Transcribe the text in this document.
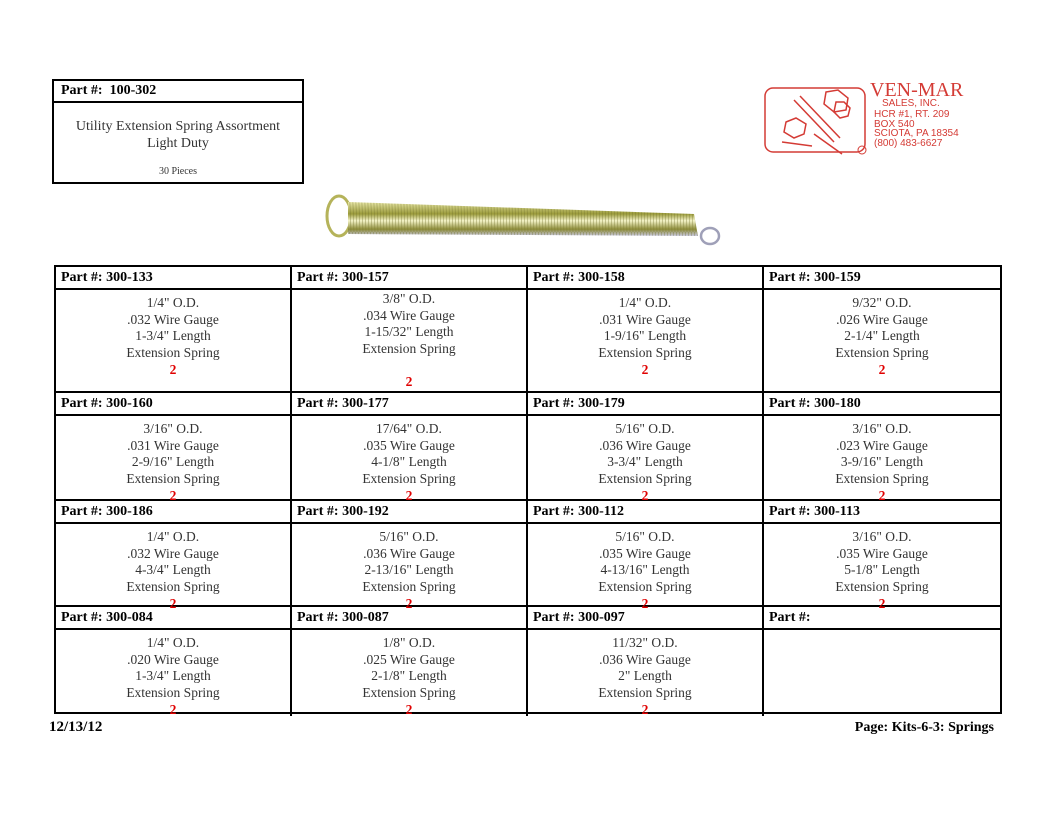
Part #: 100-302
Utility Extension Spring Assortment
Light Duty
30 Pieces
VEN-MAR
SALES, INC.
HCR #1, RT. 209
BOX 540
SCIOTA, PA 18354
(800) 483-6627
Part #: 300-133
1/4" O.D.
.032 Wire Gauge
1-3/4" Length
Extension Spring
2
Part #: 300-157
3/8" O.D.
.034 Wire Gauge
1-15/32" Length
Extension Spring
2
Part #: 300-158
1/4" O.D.
.031 Wire Gauge
1-9/16" Length
Extension Spring
2
Part #: 300-159
9/32" O.D.
.026 Wire Gauge
2-1/4" Length
Extension Spring
2
Part #: 300-160
3/16" O.D.
.031 Wire Gauge
2-9/16" Length
Extension Spring
2
Part #: 300-177
17/64" O.D.
.035 Wire Gauge
4-1/8" Length
Extension Spring
2
Part #: 300-179
5/16" O.D.
.036 Wire Gauge
3-3/4" Length
Extension Spring
2
Part #: 300-180
3/16" O.D.
.023 Wire Gauge
3-9/16" Length
Extension Spring
2
Part #: 300-186
1/4" O.D.
.032 Wire Gauge
4-3/4" Length
Extension Spring
2
Part #: 300-192
5/16" O.D.
.036 Wire Gauge
2-13/16" Length
Extension Spring
2
Part #: 300-112
5/16" O.D.
.035 Wire Gauge
4-13/16" Length
Extension Spring
2
Part #: 300-113
3/16" O.D.
.035 Wire Gauge
5-1/8" Length
Extension Spring
2
Part #: 300-084
1/4" O.D.
.020 Wire Gauge
1-3/4" Length
Extension Spring
2
Part #: 300-087
1/8" O.D.
.025 Wire Gauge
2-1/8" Length
Extension Spring
2
Part #: 300-097
11/32" O.D.
.036 Wire Gauge
2" Length
Extension Spring
2
Part #:
12/13/12	Page: Kits-6-3: Springs
